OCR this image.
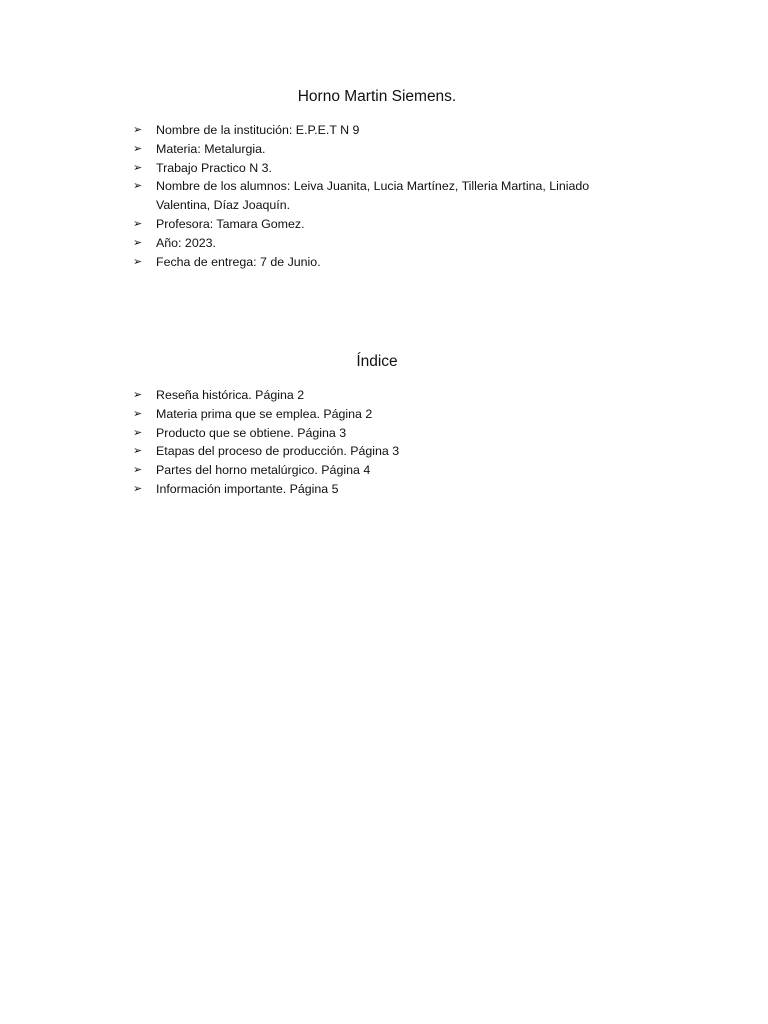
Horno Martin Siemens.
➢ Nombre de la institución: E.P.E.T N 9
➢ Materia: Metalurgia.
➢ Trabajo Practico N 3.
➢ Nombre de los alumnos: Leiva Juanita, Lucia Martínez, Tilleria Martina, Liniado Valentina, Díaz Joaquín.
➢ Profesora: Tamara Gomez.
➢ Año: 2023.
➢ Fecha de entrega: 7 de Junio.
Índice
➢ Reseña histórica. Página 2
➢ Materia prima que se emplea. Página 2
➢ Producto que se obtiene. Página 3
➢ Etapas del proceso de producción. Página 3
➢ Partes del horno metalúrgico. Página 4
➢ Información importante. Página 5
